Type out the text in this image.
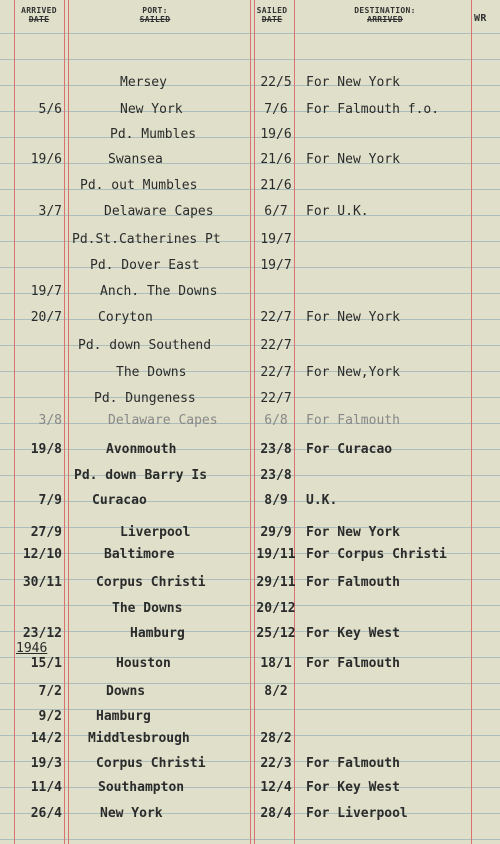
ARRIVED
DATE
PORT:
SAILED
SAILED
DATE
DESTINATION:
ARRIVED	WR
1946
Mersey	22/5	For New York
5/6	New York	7/6	For Falmouth f.o.
Pd. Mumbles	19/6
19/6	Swansea	21/6	For New York
Pd. out Mumbles	21/6
3/7	Delaware Capes	6/7	For U.K.
Pd.St.Catherines Pt	19/7
Pd. Dover East	19/7
19/7	Anch. The Downs
20/7	Coryton	22/7	For New York
Pd. down Southend	22/7
The Downs	22/7	For New,York
Pd. Dungeness	22/7
3/8	Delaware Capes	6/8	For Falmouth
19/8	Avonmouth	23/8	For Curacao
Pd. down Barry Is	23/8
7/9 Curacao	8/9	U.K.
27/9	Liverpool	29/9	For New York
12/10	Baltimore	19/11 For Corpus Christi
30/11	Corpus Christi	29/11 For Falmouth
The Downs	20/12
23/12	Hamburg	25/12 For Key West
15/1	Houston	18/1	For Falmouth
7/2	Downs	8/2
9/2	Hamburg
14/2 Middlesbrough	28/2
19/3	Corpus Christi	22/3	For Falmouth
11/4	Southampton	12/4	For Key West
26/4	New York	28/4	For Liverpool
